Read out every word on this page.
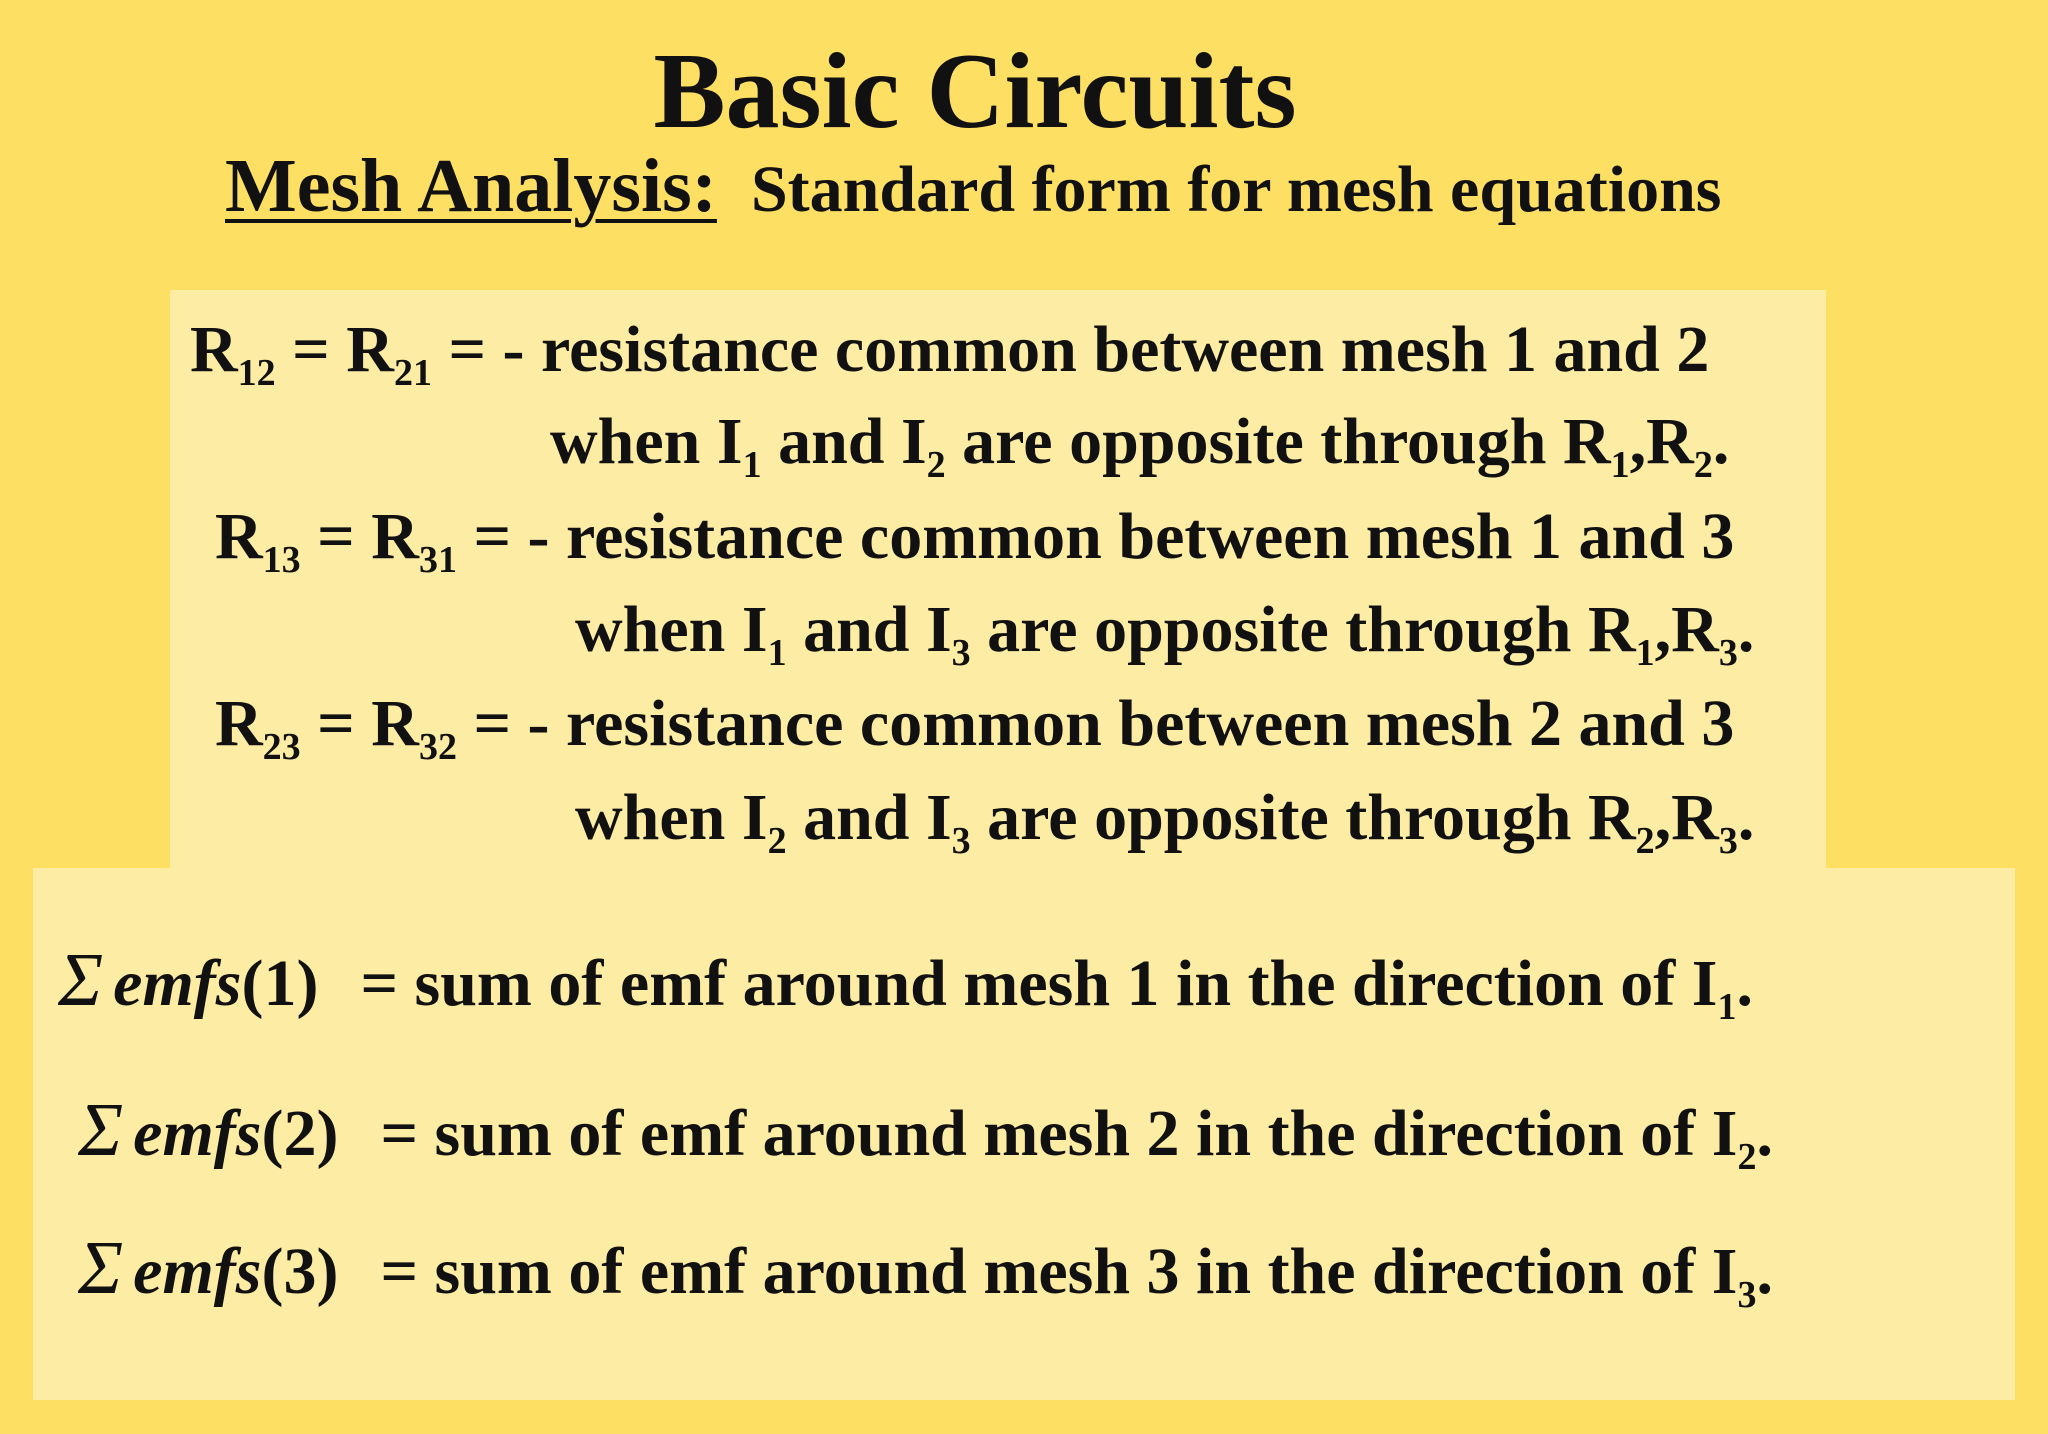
Basic Circuits
Mesh Analysis: Standard form for mesh equations
$R_{12} = R_{21}$ = - resistance common between mesh 1 and 2
when $I_1$ and $I_2$ are opposite through $R_1,R_2$.
$R_{13} = R_{31}$ = - resistance common between mesh 1 and 3
when $I_1$ and $I_3$ are opposite through $R_1,R_3$.
$R_{23} = R_{32}$ = - resistance common between mesh 2 and 3
when $I_2$ and $I_3$ are opposite through $R_2,R_3$.
Σ emfs(1) = sum of emf around mesh 1 in the direction of $I_1$.
Σ emfs(2) = sum of emf around mesh 2 in the direction of $I_2$.
Σ emfs(3) = sum of emf around mesh 3 in the direction of $I_3$.
